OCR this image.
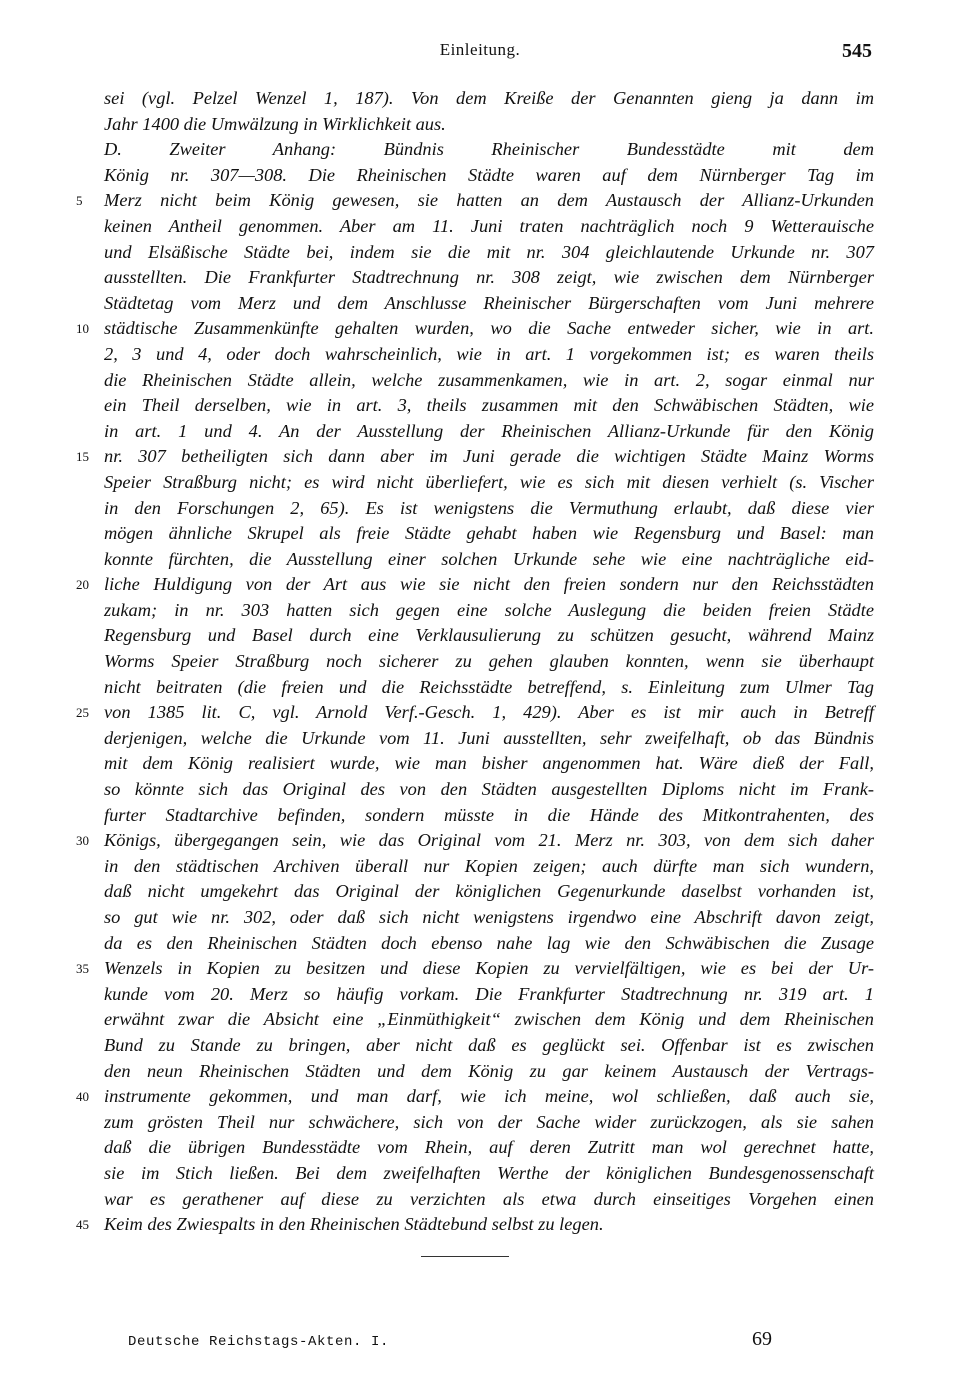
Einleitung.	545
sei (vgl. Pelzel Wenzel 1, 187). Von dem Kreiße der Genannten gieng ja dann im
Jahr 1400 die Umwälzung in Wirklichkeit aus.
D. Zweiter Anhang: Bündnis Rheinischer Bundesstädte mit dem
König nr. 307—308. Die Rheinischen Städte waren auf dem Nürnberger Tag im
Merz nicht beim König gewesen, sie hatten an dem Austausch der Allianz-Urkunden
5
keinen Antheil genommen. Aber am 11. Juni traten nachträglich noch 9 Wetterauische
und Elsäßische Städte bei, indem sie die mit nr. 304 gleichlautende Urkunde nr. 307
ausstellten. Die Frankfurter Stadtrechnung nr. 308 zeigt, wie zwischen dem Nürnberger
Städtetag vom Merz und dem Anschlusse Rheinischer Bürgerschaften vom Juni mehrere
städtische Zusammenkünfte gehalten wurden, wo die Sache entweder sicher, wie in art.
10
2, 3 und 4, oder doch wahrscheinlich, wie in art. 1 vorgekommen ist; es waren theils
die Rheinischen Städte allein, welche zusammenkamen, wie in art. 2, sogar einmal nur
ein Theil derselben, wie in art. 3, theils zusammen mit den Schwäbischen Städten, wie
in art. 1 und 4. An der Ausstellung der Rheinischen Allianz-Urkunde für den König
nr. 307 betheiligten sich dann aber im Juni gerade die wichtigen Städte Mainz Worms
15
Speier Straßburg nicht; es wird nicht überliefert, wie es sich mit diesen verhielt (s. Vischer
in den Forschungen 2, 65). Es ist wenigstens die Vermuthung erlaubt, daß diese vier
mögen ähnliche Skrupel als freie Städte gehabt haben wie Regensburg und Basel: man
konnte fürchten, die Ausstellung einer solchen Urkunde sehe wie eine nachträgliche eid-
liche Huldigung von der Art aus wie sie nicht den freien sondern nur den Reichsstädten
20
zukam; in nr. 303 hatten sich gegen eine solche Auslegung die beiden freien Städte
Regensburg und Basel durch eine Verklausulierung zu schützen gesucht, während Mainz
Worms Speier Straßburg noch sicherer zu gehen glauben konnten, wenn sie überhaupt
nicht beitraten (die freien und die Reichsstädte betreffend, s. Einleitung zum Ulmer Tag
von 1385 lit. C, vgl. Arnold Verf.-Gesch. 1, 429). Aber es ist mir auch in Betreff
25
derjenigen, welche die Urkunde vom 11. Juni ausstellten, sehr zweifelhaft, ob das Bündnis
mit dem König realisiert wurde, wie man bisher angenommen hat. Wäre dieß der Fall,
so könnte sich das Original des von den Städten ausgestellten Diploms nicht im Frank-
furter Stadtarchive befinden, sondern müsste in die Hände des Mitkontrahenten, des
Königs, übergegangen sein, wie das Original vom 21. Merz nr. 303, von dem sich daher
30
in den städtischen Archiven überall nur Kopien zeigen; auch dürfte man sich wundern,
daß nicht umgekehrt das Original der königlichen Gegenurkunde daselbst vorhanden ist,
so gut wie nr. 302, oder daß sich nicht wenigstens irgendwo eine Abschrift davon zeigt,
da es den Rheinischen Städten doch ebenso nahe lag wie den Schwäbischen die Zusage
Wenzels in Kopien zu besitzen und diese Kopien zu vervielfältigen, wie es bei der Ur-
35
kunde vom 20. Merz so häufig vorkam. Die Frankfurter Stadtrechnung nr. 319 art. 1
erwähnt zwar die Absicht eine „Einmüthigkeit“ zwischen dem König und dem Rheinischen
Bund zu Stande zu bringen, aber nicht daß es geglückt sei. Offenbar ist es zwischen
den neun Rheinischen Städten und dem König zu gar keinem Austausch der Vertrags-
instrumente gekommen, und man darf, wie ich meine, wol schließen, daß auch sie,
40
zum grösten Theil nur schwächere, sich von der Sache wider zurückzogen, als sie sahen
daß die übrigen Bundesstädte vom Rhein, auf deren Zutritt man wol gerechnet hatte,
sie im Stich ließen. Bei dem zweifelhaften Werthe der königlichen Bundesgenossenschaft
war es gerathener auf diese zu verzichten als etwa durch einseitiges Vorgehen einen
Keim des Zwiespalts in den Rheinischen Städtebund selbst zu legen.
45
Deutsche Reichstags-Akten. I.	69
